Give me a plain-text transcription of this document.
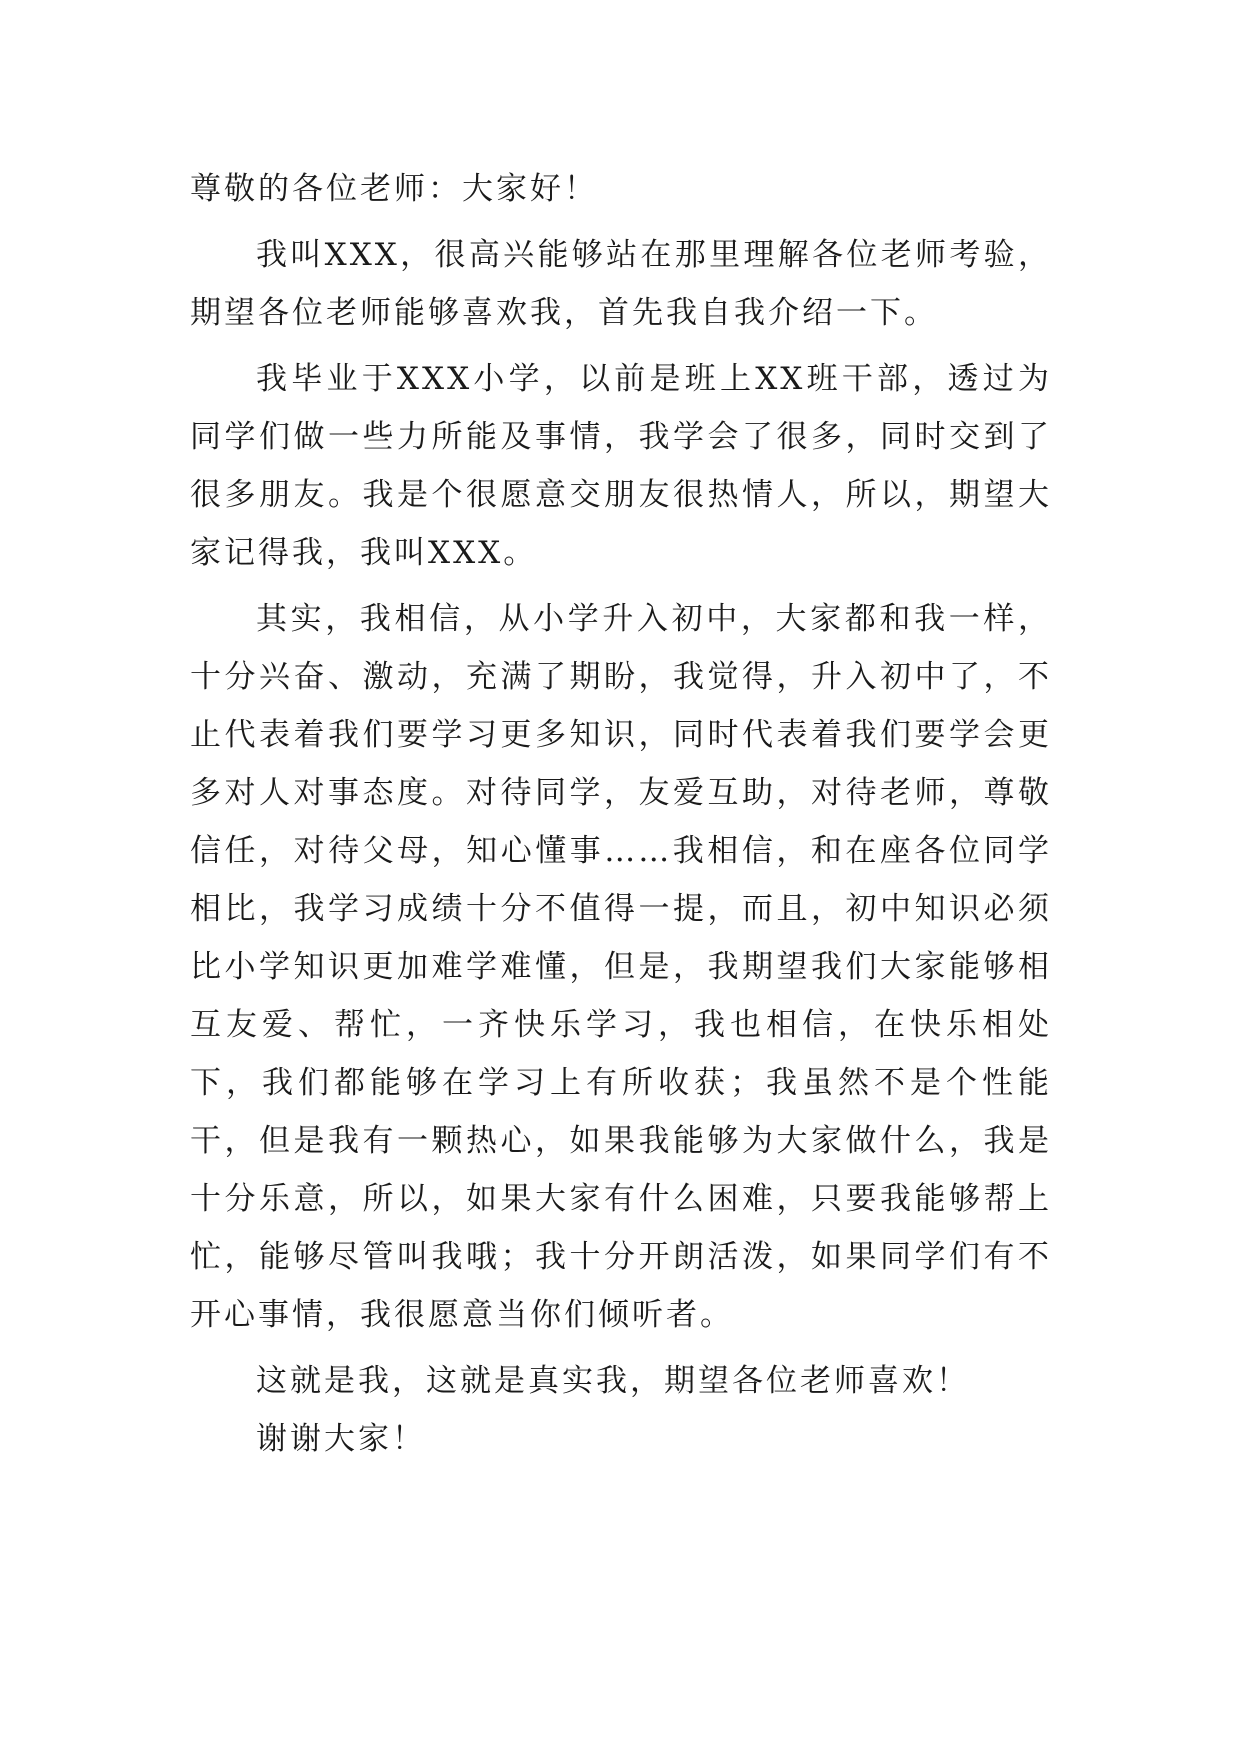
尊敬的各位老师：大家好！

我叫XXX，很高兴能够站在那里理解各位老师考验，期望各位老师能够喜欢我，首先我自我介绍一下。

我毕业于XXX小学，以前是班上XX班干部，透过为同学们做一些力所能及事情，我学会了很多，同时交到了很多朋友。我是个很愿意交朋友很热情人，所以，期望大家记得我，我叫XXX。

其实，我相信，从小学升入初中，大家都和我一样，十分兴奋、激动，充满了期盼，我觉得，升入初中了，不止代表着我们要学习更多知识，同时代表着我们要学会更多对人对事态度。对待同学，友爱互助，对待老师，尊敬信任，对待父母，知心懂事……我相信，和在座各位同学相比，我学习成绩十分不值得一提，而且，初中知识必须比小学知识更加难学难懂，但是，我期望我们大家能够相互友爱、帮忙，一齐快乐学习，我也相信，在快乐相处下，我们都能够在学习上有所收获；我虽然不是个性能干，但是我有一颗热心，如果我能够为大家做什么，我是十分乐意，所以，如果大家有什么困难，只要我能够帮上忙，能够尽管叫我哦；我十分开朗活泼，如果同学们有不开心事情，我很愿意当你们倾听者。

这就是我，这就是真实我，期望各位老师喜欢！

谢谢大家！
